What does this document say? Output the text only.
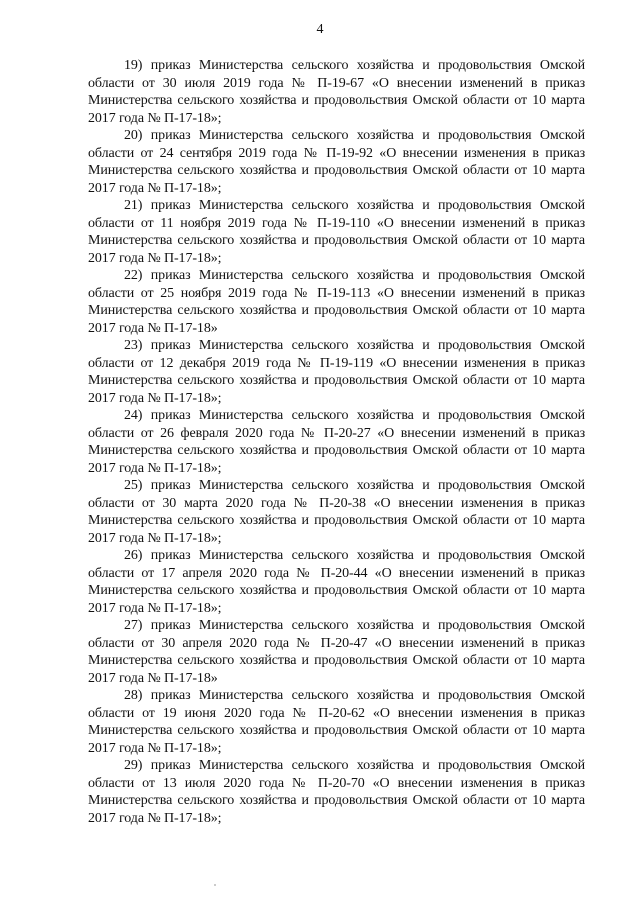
4

19) приказ Министерства сельского хозяйства и продовольствия Омской области от 30 июля 2019 года № П-19-67 «О внесении изменений в приказ Министерства сельского хозяйства и продовольствия Омской области от 10 марта 2017 года № П-17-18»;

20) приказ Министерства сельского хозяйства и продовольствия Омской области от 24 сентября 2019 года № П-19-92 «О внесении изменения в приказ Министерства сельского хозяйства и продовольствия Омской области от 10 марта 2017 года № П-17-18»;

21) приказ Министерства сельского хозяйства и продовольствия Омской области от 11 ноября 2019 года № П-19-110 «О внесении изменений в приказ Министерства сельского хозяйства и продовольствия Омской области от 10 марта 2017 года № П-17-18»;

22) приказ Министерства сельского хозяйства и продовольствия Омской области от 25 ноября 2019 года № П-19-113 «О внесении изменений в приказ Министерства сельского хозяйства и продовольствия Омской области от 10 марта 2017 года № П-17-18»

23) приказ Министерства сельского хозяйства и продовольствия Омской области от 12 декабря 2019 года № П-19-119 «О внесении изменения в приказ Министерства сельского хозяйства и продовольствия Омской области от 10 марта 2017 года № П-17-18»;

24) приказ Министерства сельского хозяйства и продовольствия Омской области от 26 февраля 2020 года № П-20-27 «О внесении изменений в приказ Министерства сельского хозяйства и продовольствия Омской области от 10 марта 2017 года № П-17-18»;

25) приказ Министерства сельского хозяйства и продовольствия Омской области от 30 марта 2020 года № П-20-38 «О внесении изменения в приказ Министерства сельского хозяйства и продовольствия Омской области от 10 марта 2017 года № П-17-18»;

26) приказ Министерства сельского хозяйства и продовольствия Омской области от 17 апреля 2020 года № П-20-44 «О внесении изменений в приказ Министерства сельского хозяйства и продовольствия Омской области от 10 марта 2017 года № П-17-18»;

27) приказ Министерства сельского хозяйства и продовольствия Омской области от 30 апреля 2020 года № П-20-47 «О внесении изменений в приказ Министерства сельского хозяйства и продовольствия Омской области от 10 марта 2017 года № П-17-18»

28) приказ Министерства сельского хозяйства и продовольствия Омской области от 19 июня 2020 года № П-20-62 «О внесении изменения в приказ Министерства сельского хозяйства и продовольствия Омской области от 10 марта 2017 года № П-17-18»;

29) приказ Министерства сельского хозяйства и продовольствия Омской области от 13 июля 2020 года № П-20-70 «О внесении изменения в приказ Министерства сельского хозяйства и продовольствия Омской области от 10 марта 2017 года № П-17-18»;
